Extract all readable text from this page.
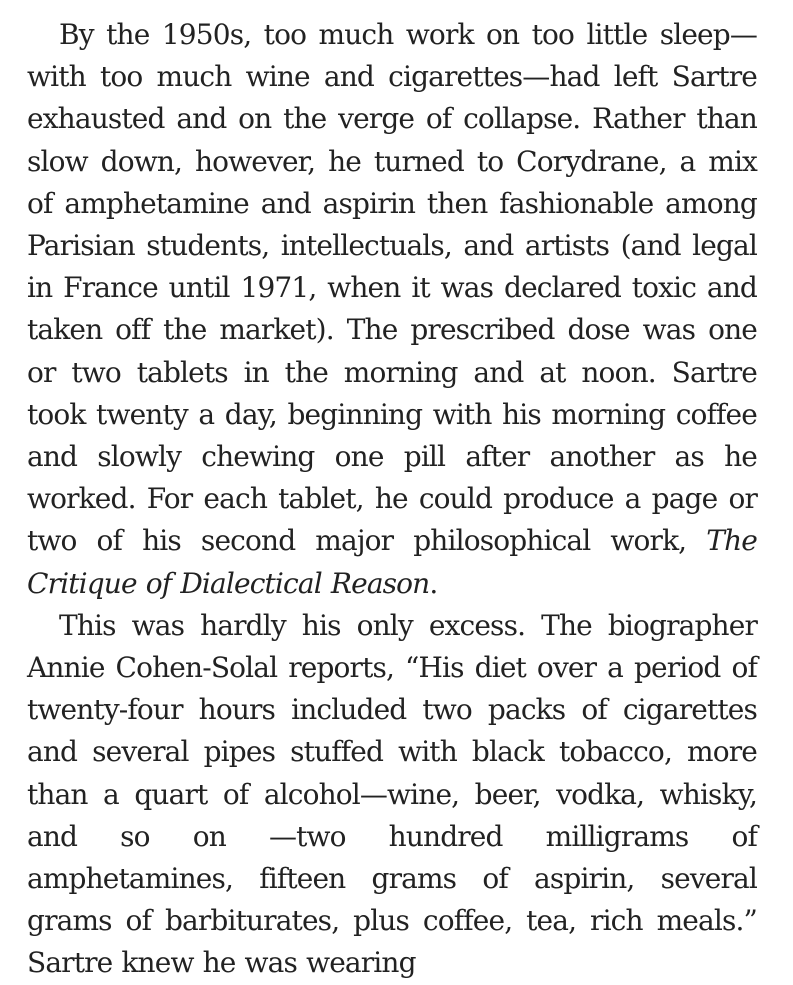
By the 1950s, too much work on too little sleep—with too much wine and cigarettes—had left Sartre exhausted and on the verge of collapse. Rather than slow down, however, he turned to Corydrane, a mix of amphetamine and aspirin then fashionable among Parisian students, intellectuals, and artists (and legal in France until 1971, when it was declared toxic and taken off the market). The prescribed dose was one or two tablets in the morning and at noon. Sartre took twenty a day, beginning with his morning coffee and slowly chewing one pill after another as he worked. For each tablet, he could produce a page or two of his second major philosophical work, The Critique of Dialectical Reason.

This was hardly his only excess. The biographer Annie Cohen-Solal reports, “His diet over a period of twenty-four hours included two packs of cigarettes and several pipes stuffed with black tobacco, more than a quart of alcohol—wine, beer, vodka, whisky, and so on —two hundred milligrams of amphetamines, fifteen grams of aspirin, several grams of barbiturates, plus coffee, tea, rich meals.” Sartre knew he was wearing
